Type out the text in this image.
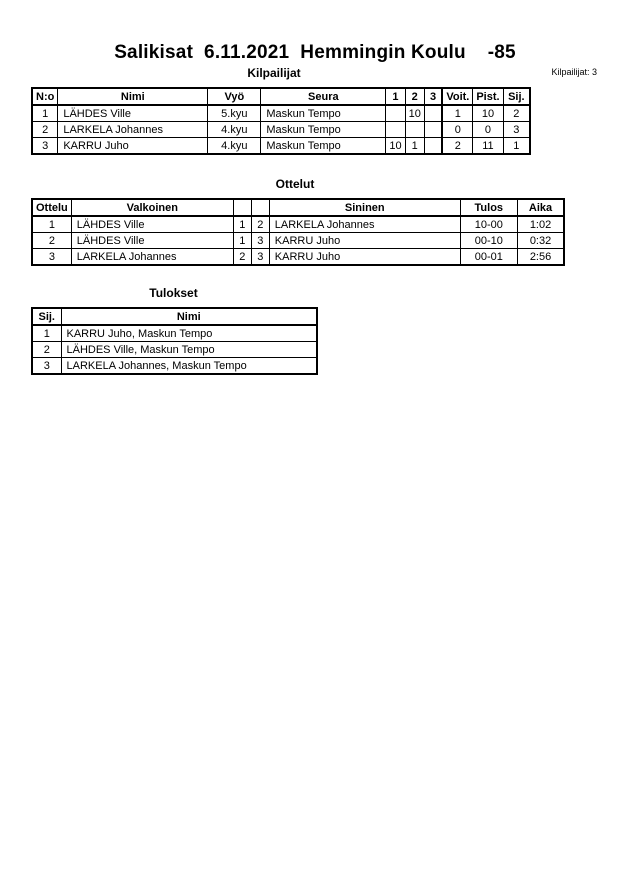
Salikisat  6.11.2021  Hemmingin Koulu    -85
Kilpailijat: 3
Kilpailijat
N:o	Nimi	Vyö	Seura	1	2	3	Voit.	Pist.	Sij.
1	LÄHDES Ville	5.kyu	Maskun Tempo		10		1	10	2
2	LARKELA Johannes	4.kyu	Maskun Tempo				0	0	3
3	KARRU Juho	4.kyu	Maskun Tempo	10	1		2	11	1
Ottelut
Ottelu	Valkoinen			Sininen	Tulos	Aika
1	LÄHDES Ville	1	2	LARKELA Johannes	10-00	1:02
2	LÄHDES Ville	1	3	KARRU Juho	00-10	0:32
3	LARKELA Johannes	2	3	KARRU Juho	00-01	2:56
Tulokset
Sij.	Nimi
1	KARRU Juho, Maskun Tempo
2	LÄHDES Ville, Maskun Tempo
3	LARKELA Johannes, Maskun Tempo
